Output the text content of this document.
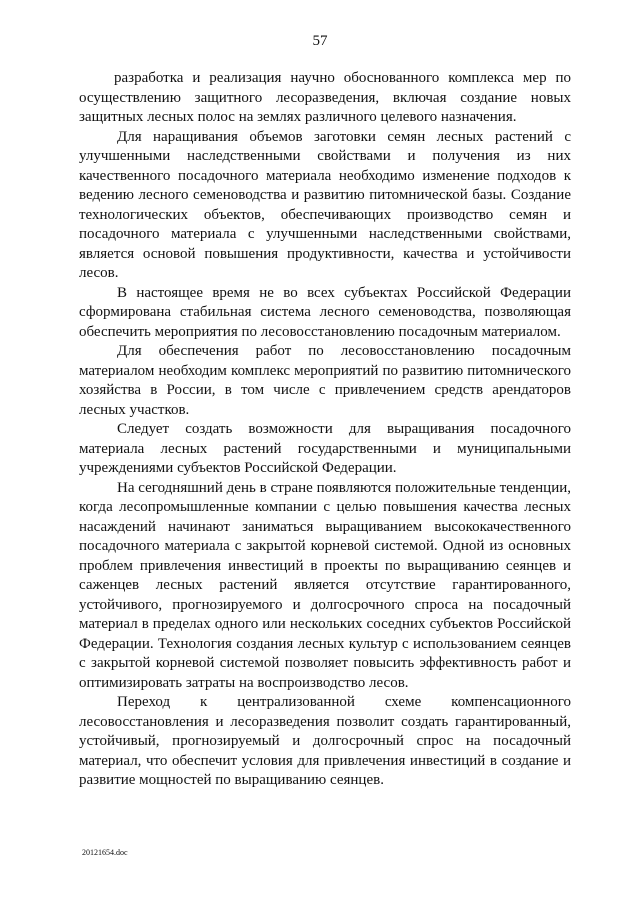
57

разработка и реализация научно обоснованного комплекса мер по осуществлению защитного лесоразведения, включая создание новых защитных лесных полос на землях различного целевого назначения.

Для наращивания объемов заготовки семян лесных растений с улучшенными наследственными свойствами и получения из них качественного посадочного материала необходимо изменение подходов к ведению лесного семеноводства и развитию питомнической базы. Создание технологических объектов, обеспечивающих производство семян и посадочного материала с улучшенными наследственными свойствами, является основой повышения продуктивности, качества и устойчивости лесов.

В настоящее время не во всех субъектах Российской Федерации сформирована стабильная система лесного семеноводства, позволяющая обеспечить мероприятия по лесовосстановлению посадочным материалом.

Для обеспечения работ по лесовосстановлению посадочным материалом необходим комплекс мероприятий по развитию питомнического хозяйства в России, в том числе с привлечением средств арендаторов лесных участков.

Следует создать возможности для выращивания посадочного материала лесных растений государственными и муниципальными учреждениями субъектов Российской Федерации.

На сегодняшний день в стране появляются положительные тенденции, когда лесопромышленные компании с целью повышения качества лесных насаждений начинают заниматься выращиванием высококачественного посадочного материала с закрытой корневой системой. Одной из основных проблем привлечения инвестиций в проекты по выращиванию сеянцев и саженцев лесных растений является отсутствие гарантированного, устойчивого, прогнозируемого и долгосрочного спроса на посадочный материал в пределах одного или нескольких соседних субъектов Российской Федерации. Технология создания лесных культур с использованием сеянцев с закрытой корневой системой позволяет повысить эффективность работ и оптимизировать затраты на воспроизводство лесов.

Переход к централизованной схеме компенсационного лесовосстановления и лесоразведения позволит создать гарантированный, устойчивый, прогнозируемый и долгосрочный спрос на посадочный материал, что обеспечит условия для привлечения инвестиций в создание и развитие мощностей по выращиванию сеянцев.

20121654.doc
